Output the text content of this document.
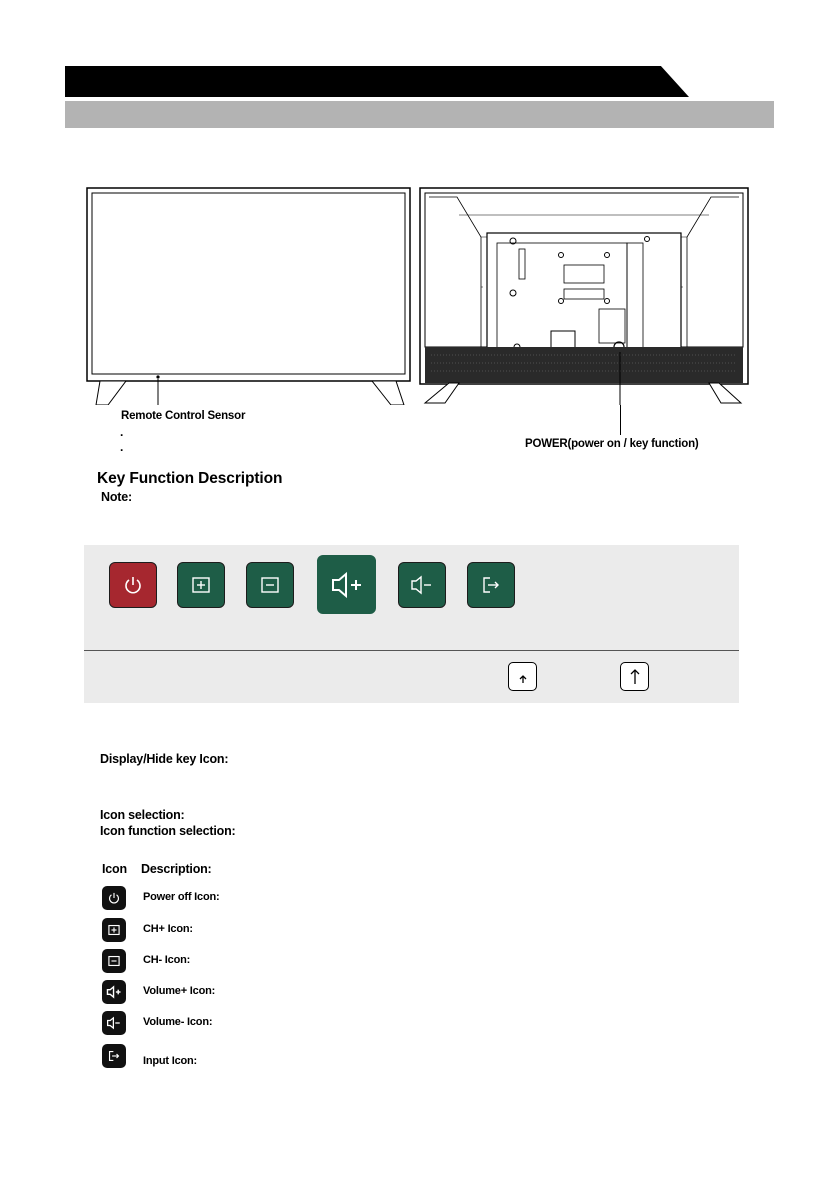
Remote Control Sensor
.
.	POWER(power on / key function)
Key Function Description
Note:
Display/Hide key Icon:
Icon selection:
Icon function selection:
Icon Description:
Power off Icon:
CH+ Icon:
CH- Icon:
Volume+ Icon:
Volume- Icon:
Input Icon:
